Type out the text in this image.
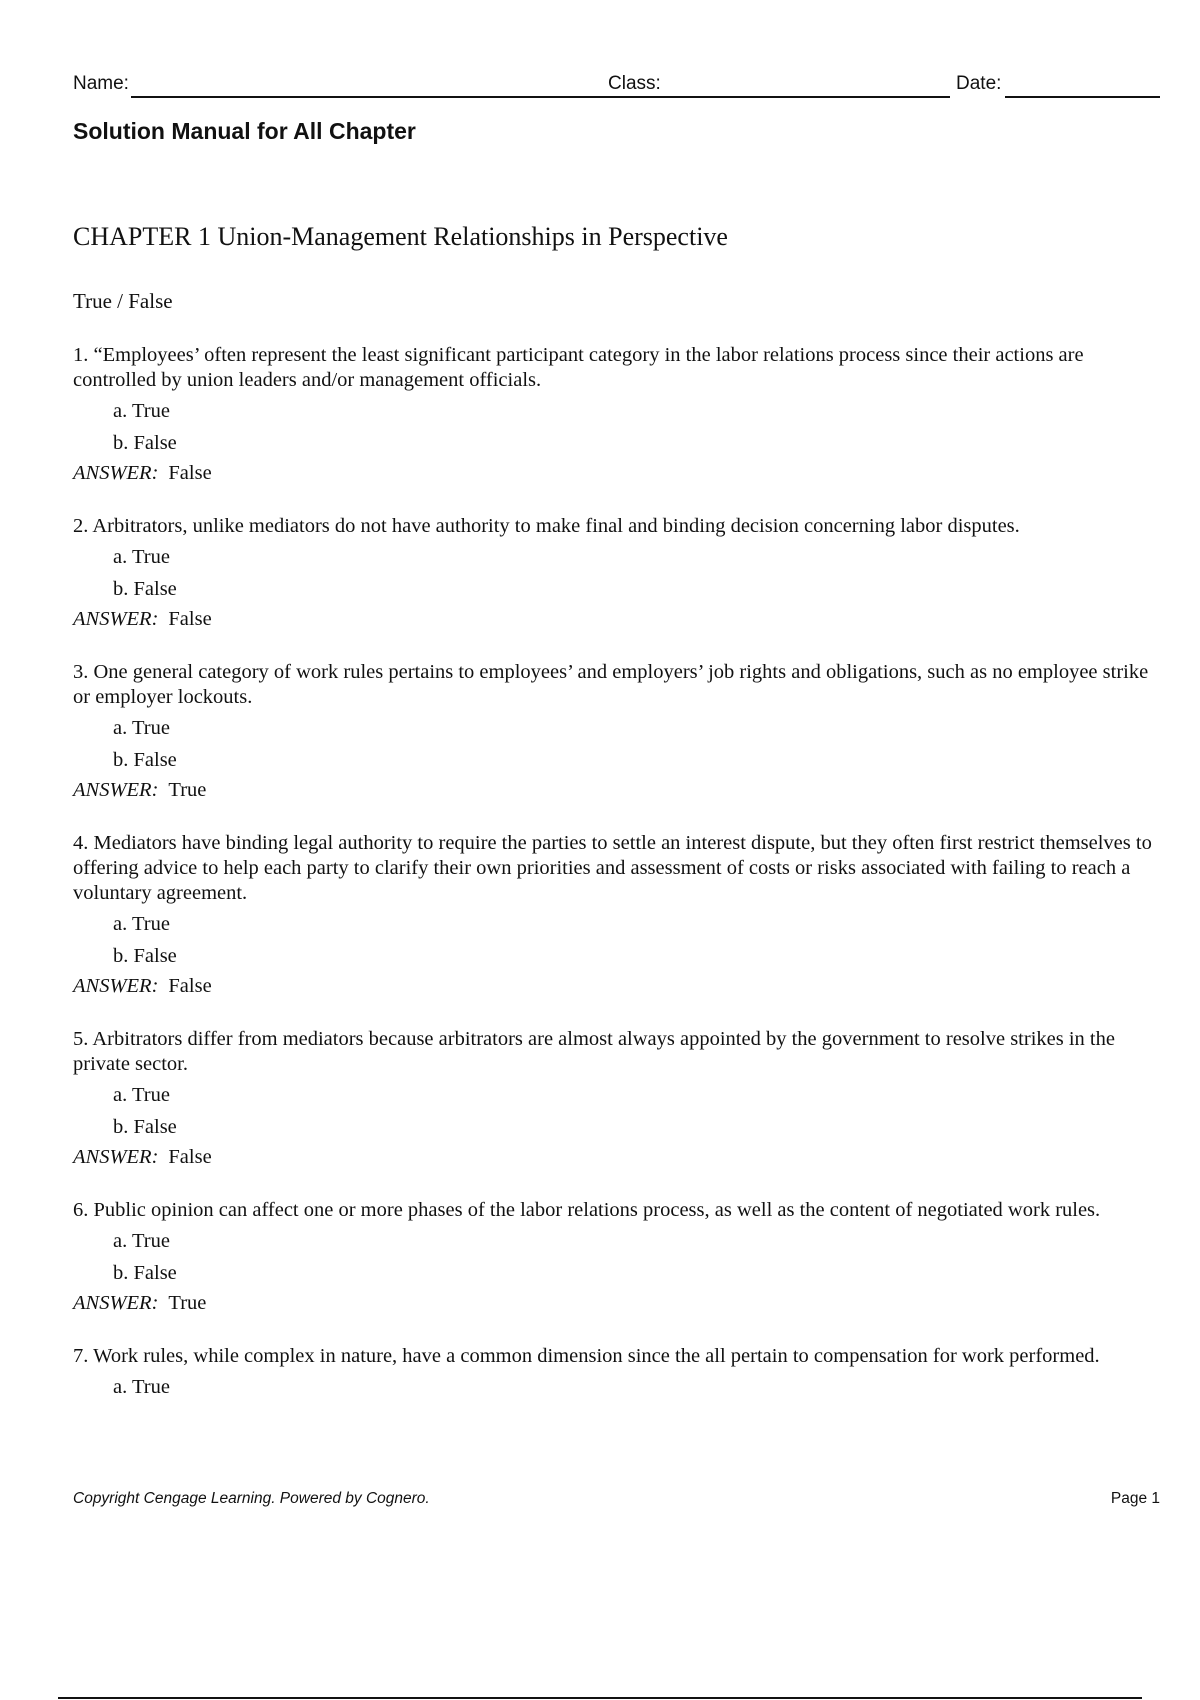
Name:	Class:	Date:
Solution Manual for All Chapter
CHAPTER 1 Union-Management Relationships in Perspective
True / False

1. “Employees’ often represent the least significant participant category in the labor relations process since their actions are controlled by union leaders and/or management officials.

a. True
b. False
ANSWER: False

2. Arbitrators, unlike mediators do not have authority to make final and binding decision concerning labor disputes.

a. True
b. False
ANSWER: False

3. One general category of work rules pertains to employees’ and employers’ job rights and obligations, such as no employee strike or employer lockouts.

a. True
b. False
ANSWER: True

4. Mediators have binding legal authority to require the parties to settle an interest dispute, but they often first restrict themselves to offering advice to help each party to clarify their own priorities and assessment of costs or risks associated with failing to reach a voluntary agreement.

a. True
b. False
ANSWER: False

5. Arbitrators differ from mediators because arbitrators are almost always appointed by the government to resolve strikes in the private sector.

a. True
b. False
ANSWER: False

6. Public opinion can affect one or more phases of the labor relations process, as well as the content of negotiated work rules.

a. True
b. False
ANSWER: True

7. Work rules, while complex in nature, have a common dimension since the all pertain to compensation for work performed.

a. True
Copyright Cengage Learning. Powered by Cognero.	Page 1
